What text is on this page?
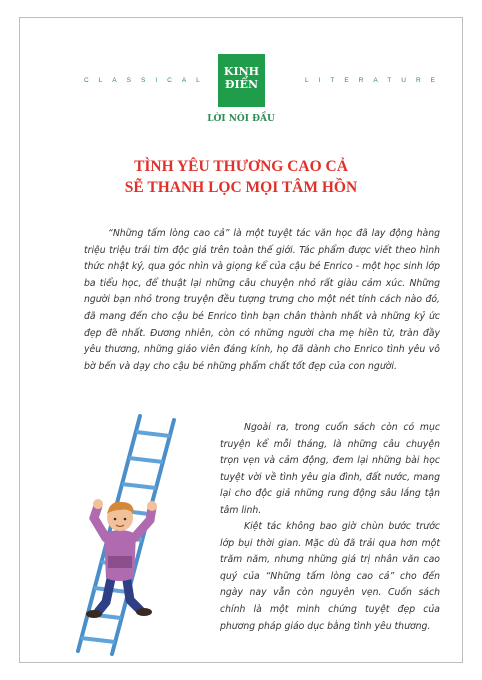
CLASSICAL
KINH
ĐIỂN	LITERATURE
LỜI NÓI ĐẦU
TÌNH YÊU THƯƠNG CAO CẢ
SẼ THANH LỌC MỌI TÂM HỒN
“Những tấm lòng cao cả” là một tuyệt tác văn học đã lay động hàng triệu triệu trái tim độc giả trên toàn thế giới. Tác phẩm được viết theo hình thức nhật ký, qua góc nhìn và giọng kể của cậu bé Enrico - một học sinh lớp ba tiểu học, để thuật lại những câu chuyện nhỏ rất giàu cảm xúc. Những người bạn nhỏ trong truyện đều tượng trưng cho một nét tính cách nào đó, đã mang đến cho cậu bé Enrico tình bạn chân thành nhất và những kỷ ức đẹp đẽ nhất. Đương nhiên, còn có những người cha mẹ hiền từ, tràn đầy yêu thương, những giáo viên đáng kính, họ đã dành cho Enrico tình yêu vô bờ bến và dạy cho cậu bé những phẩm chất tốt đẹp của con người.
Ngoài ra, trong cuốn sách còn có mục truyện kể mỗi tháng, là những câu chuyện trọn vẹn và cảm động, đem lại những bài học tuyệt vời về tình yêu gia đình, đất nước, mang lại cho độc giả những rung động sâu lắng tận tâm linh.
Kiệt tác không bao giờ chùn bước trước lớp bụi thời gian. Mặc dù đã trải qua hơn một trăm năm, nhưng những giá trị nhân văn cao quý của “Những tấm lòng cao cả” cho đến ngày nay vẫn còn nguyên vẹn. Cuốn sách chính là một minh chứng tuyệt đẹp của phương pháp giáo dục bằng tình yêu thương.
